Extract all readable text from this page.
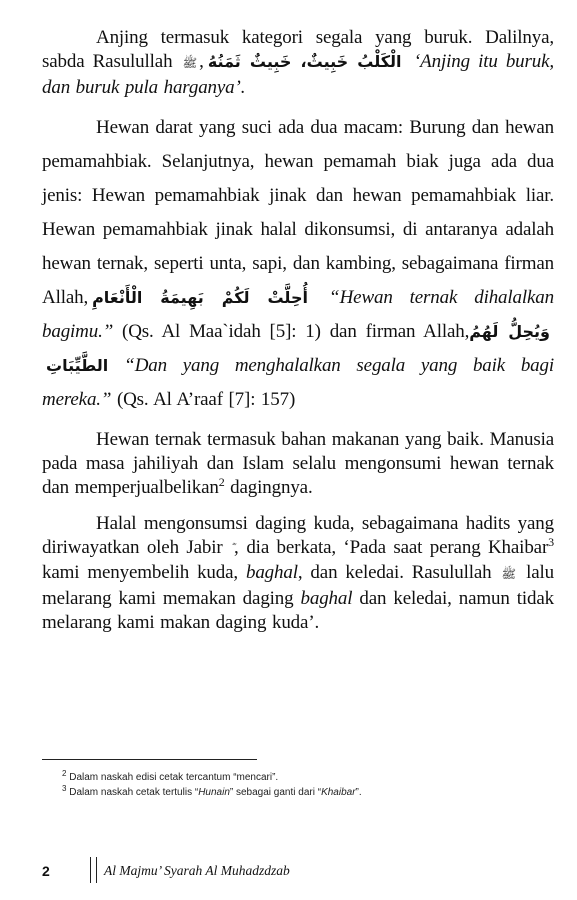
Anjing termasuk kategori segala yang buruk. Dalilnya, sabda Rasulullah ﷺ , الْكَلْبُ خَبِيثٌ، خَبِيثٌ ثَمَنُهُ ‘Anjing itu buruk, dan buruk pula harganya’.

Hewan darat yang suci ada dua macam: Burung dan hewan pemamahbiak. Selanjutnya, hewan pemamah biak juga ada dua jenis: Hewan pemamahbiak jinak dan hewan pemamahbiak liar. Hewan pemamahbiak jinak halal dikonsumsi, di antaranya adalah hewan ternak, seperti unta, sapi, dan kambing, sebagaimana firman Allah, أُحِلَّتْ لَكُمْ بَهِيمَةُ الْأَنْعَامِ “Hewan ternak dihalalkan bagimu.” (Qs. Al Maa`idah [5]: 1) dan firman Allah,وَيُحِلُّ لَهُمُ الطَّيِّبَاتِ “Dan yang menghalalkan segala yang baik bagi mereka.” (Qs. Al A’raaf [7]: 157)

Hewan ternak termasuk bahan makanan yang baik. Manusia pada masa jahiliyah dan Islam selalu mengonsumi hewan ternak dan memperjualbelikan$^2$ dagingnya.

Halal mengonsumsi daging kuda, sebagaimana hadits yang diriwayatkan oleh Jabir , dia berkata, ‘Pada saat perang Khaibar$^3$ kami menyembelih kuda, baghal, dan keledai. Rasulullah ﷺ lalu melarang kami memakan daging baghal dan keledai, namun tidak melarang kami makan daging kuda’.

$^2$ Dalam naskah edisi cetak tercantum “mencari”.
$^3$ Dalam naskah cetak tertulis “Hunain” sebagai ganti dari “Khaibar”.
2	Al Majmu’ Syarah Al Muhadzdzab
